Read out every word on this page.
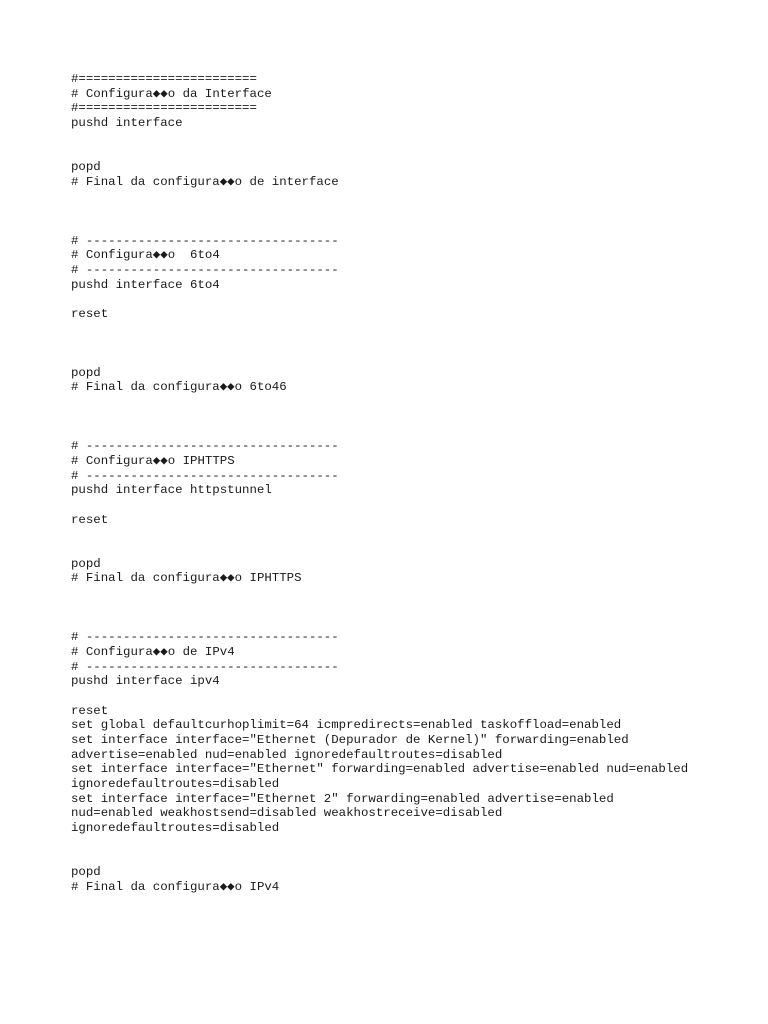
#========================
# Configura◆◆o da Interface
#========================
pushd interface
popd
# Final da configura◆◆o de interface
# ----------------------------------
# Configura◆◆o  6to4
# ----------------------------------
pushd interface 6to4
reset
popd
# Final da configura◆◆o 6to46
# ----------------------------------
# Configura◆◆o IPHTTPS
# ----------------------------------
pushd interface httpstunnel
reset
popd
# Final da configura◆◆o IPHTTPS
# ----------------------------------
# Configura◆◆o de IPv4
# ----------------------------------
pushd interface ipv4
reset
set global defaultcurhoplimit=64 icmpredirects=enabled taskoffload=enabled
set interface interface="Ethernet (Depurador de Kernel)" forwarding=enabled
advertise=enabled nud=enabled ignoredefaultroutes=disabled
set interface interface="Ethernet" forwarding=enabled advertise=enabled nud=enabled
ignoredefaultroutes=disabled
set interface interface="Ethernet 2" forwarding=enabled advertise=enabled
nud=enabled weakhostsend=disabled weakhostreceive=disabled
ignoredefaultroutes=disabled
popd
# Final da configura◆◆o IPv4
